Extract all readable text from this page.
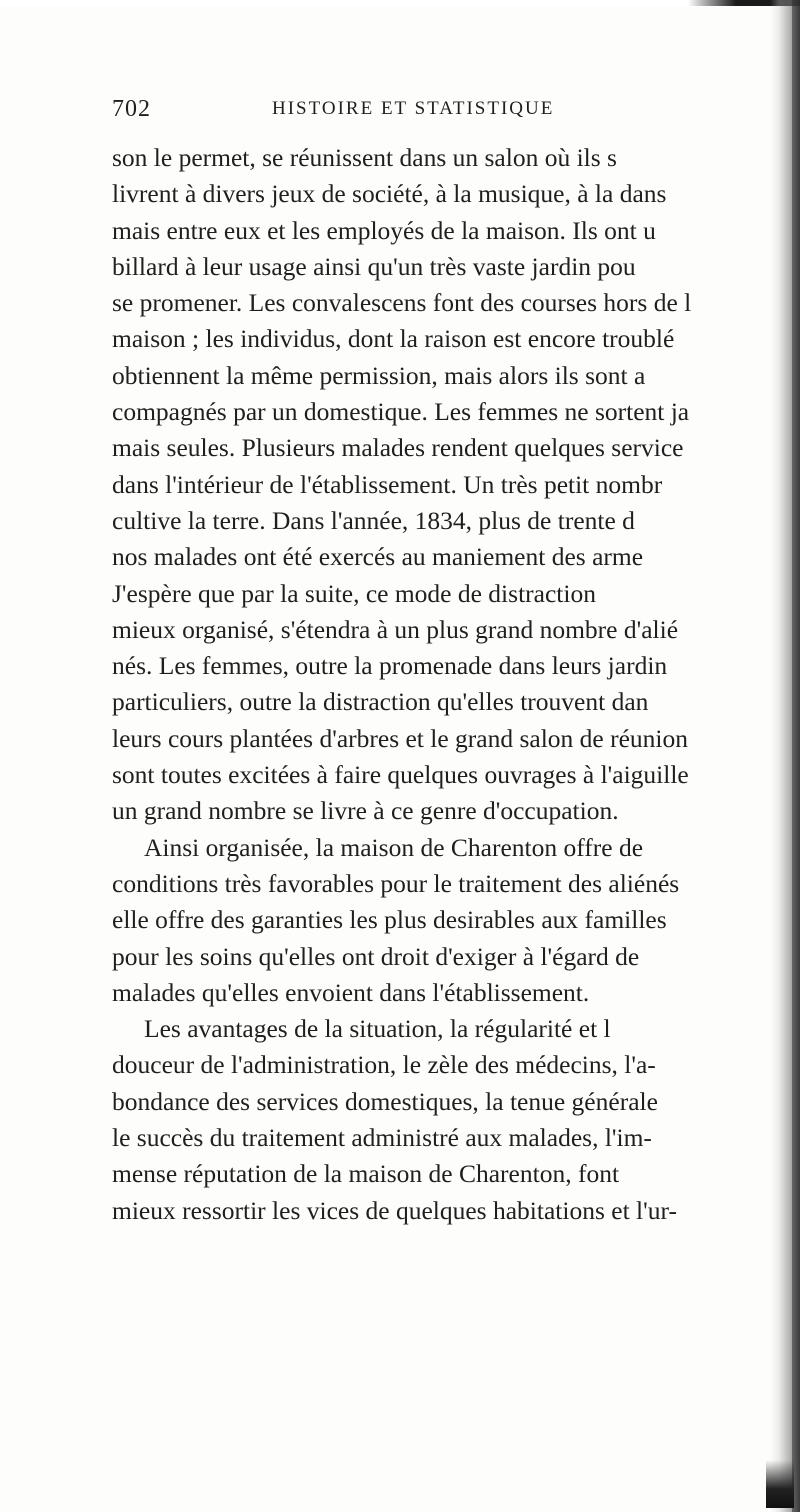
702	HISTOIRE ET STATISTIQUE
son le permet, se réunissent dans un salon où ils s
livrent à divers jeux de société, à la musique, à la dans
mais entre eux et les employés de la maison. Ils ont u
billard à leur usage ainsi qu'un très vaste jardin pou
se promener. Les convalescens font des courses hors de l
maison ; les individus, dont la raison est encore troublé
obtiennent la même permission, mais alors ils sont a
compagnés par un domestique. Les femmes ne sortent ja
mais seules. Plusieurs malades rendent quelques service
dans l'intérieur de l'établissement. Un très petit nombr
cultive la terre. Dans l'année, 1834, plus de trente d
nos malades ont été exercés au maniement des arme
J'espère que par la suite, ce mode de distraction
mieux organisé, s'étendra à un plus grand nombre d'alié
nés. Les femmes, outre la promenade dans leurs jardin
particuliers, outre la distraction qu'elles trouvent dan
leurs cours plantées d'arbres et le grand salon de réunion
sont toutes excitées à faire quelques ouvrages à l'aiguille
un grand nombre se livre à ce genre d'occupation.
Ainsi organisée, la maison de Charenton offre de
conditions très favorables pour le traitement des aliénés
elle offre des garanties les plus desirables aux familles
pour les soins qu'elles ont droit d'exiger à l'égard de
malades qu'elles envoient dans l'établissement.
Les avantages de la situation, la régularité et l
douceur de l'administration, le zèle des médecins, l'a-
bondance des services domestiques, la tenue générale
le succès du traitement administré aux malades, l'im-
mense réputation de la maison de Charenton, font
mieux ressortir les vices de quelques habitations et l'ur-
